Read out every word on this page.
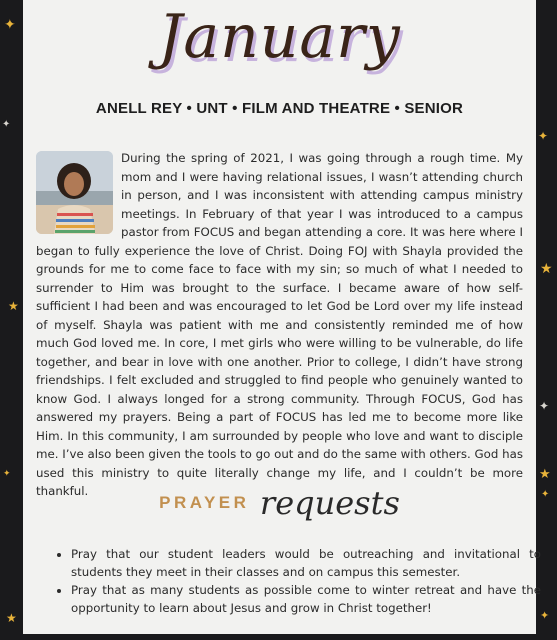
✦
✦
★
✦
✦
★
★
✦
✦
✦
★
January
ANELL REY • UNT • FILM AND THEATRE • SENIOR
During the spring of 2021, I was going through a rough time. My mom and I were having relational issues, I wasn’t attending church in person, and I was inconsistent with attending campus ministry meetings. In February of that year I was introduced to a campus pastor from FOCUS and began attending a core. It was here where I began to fully experience the love of Christ. Doing FOJ with Shayla provided the grounds for me to come face to face with my sin; so much of what I needed to surrender to Him was brought to the surface. I became aware of how self-sufficient I had been and was encouraged to let God be Lord over my life instead of myself. Shayla was patient with me and consistently reminded me of how much God loved me. In core, I met girls who were willing to be vulnerable, do life together, and bear in love with one another. Prior to college, I didn’t have strong friendships. I felt excluded and struggled to find people who genuinely wanted to know God. I always longed for a strong community. Through FOCUS, God has answered my prayers. Being a part of FOCUS has led me to become more like Him. In this community, I am surrounded by people who love and want to disciple me. I’ve also been given the tools to go out and do the same with others. God has used this ministry to quite literally change my life, and I couldn’t be more thankful.
PRAYER requests
• Pray that our student leaders would be outreaching and invitational to students they meet in their classes and on campus this semester.
• Pray that as many students as possible come to winter retreat and have the opportunity to learn about Jesus and grow in Christ together!
